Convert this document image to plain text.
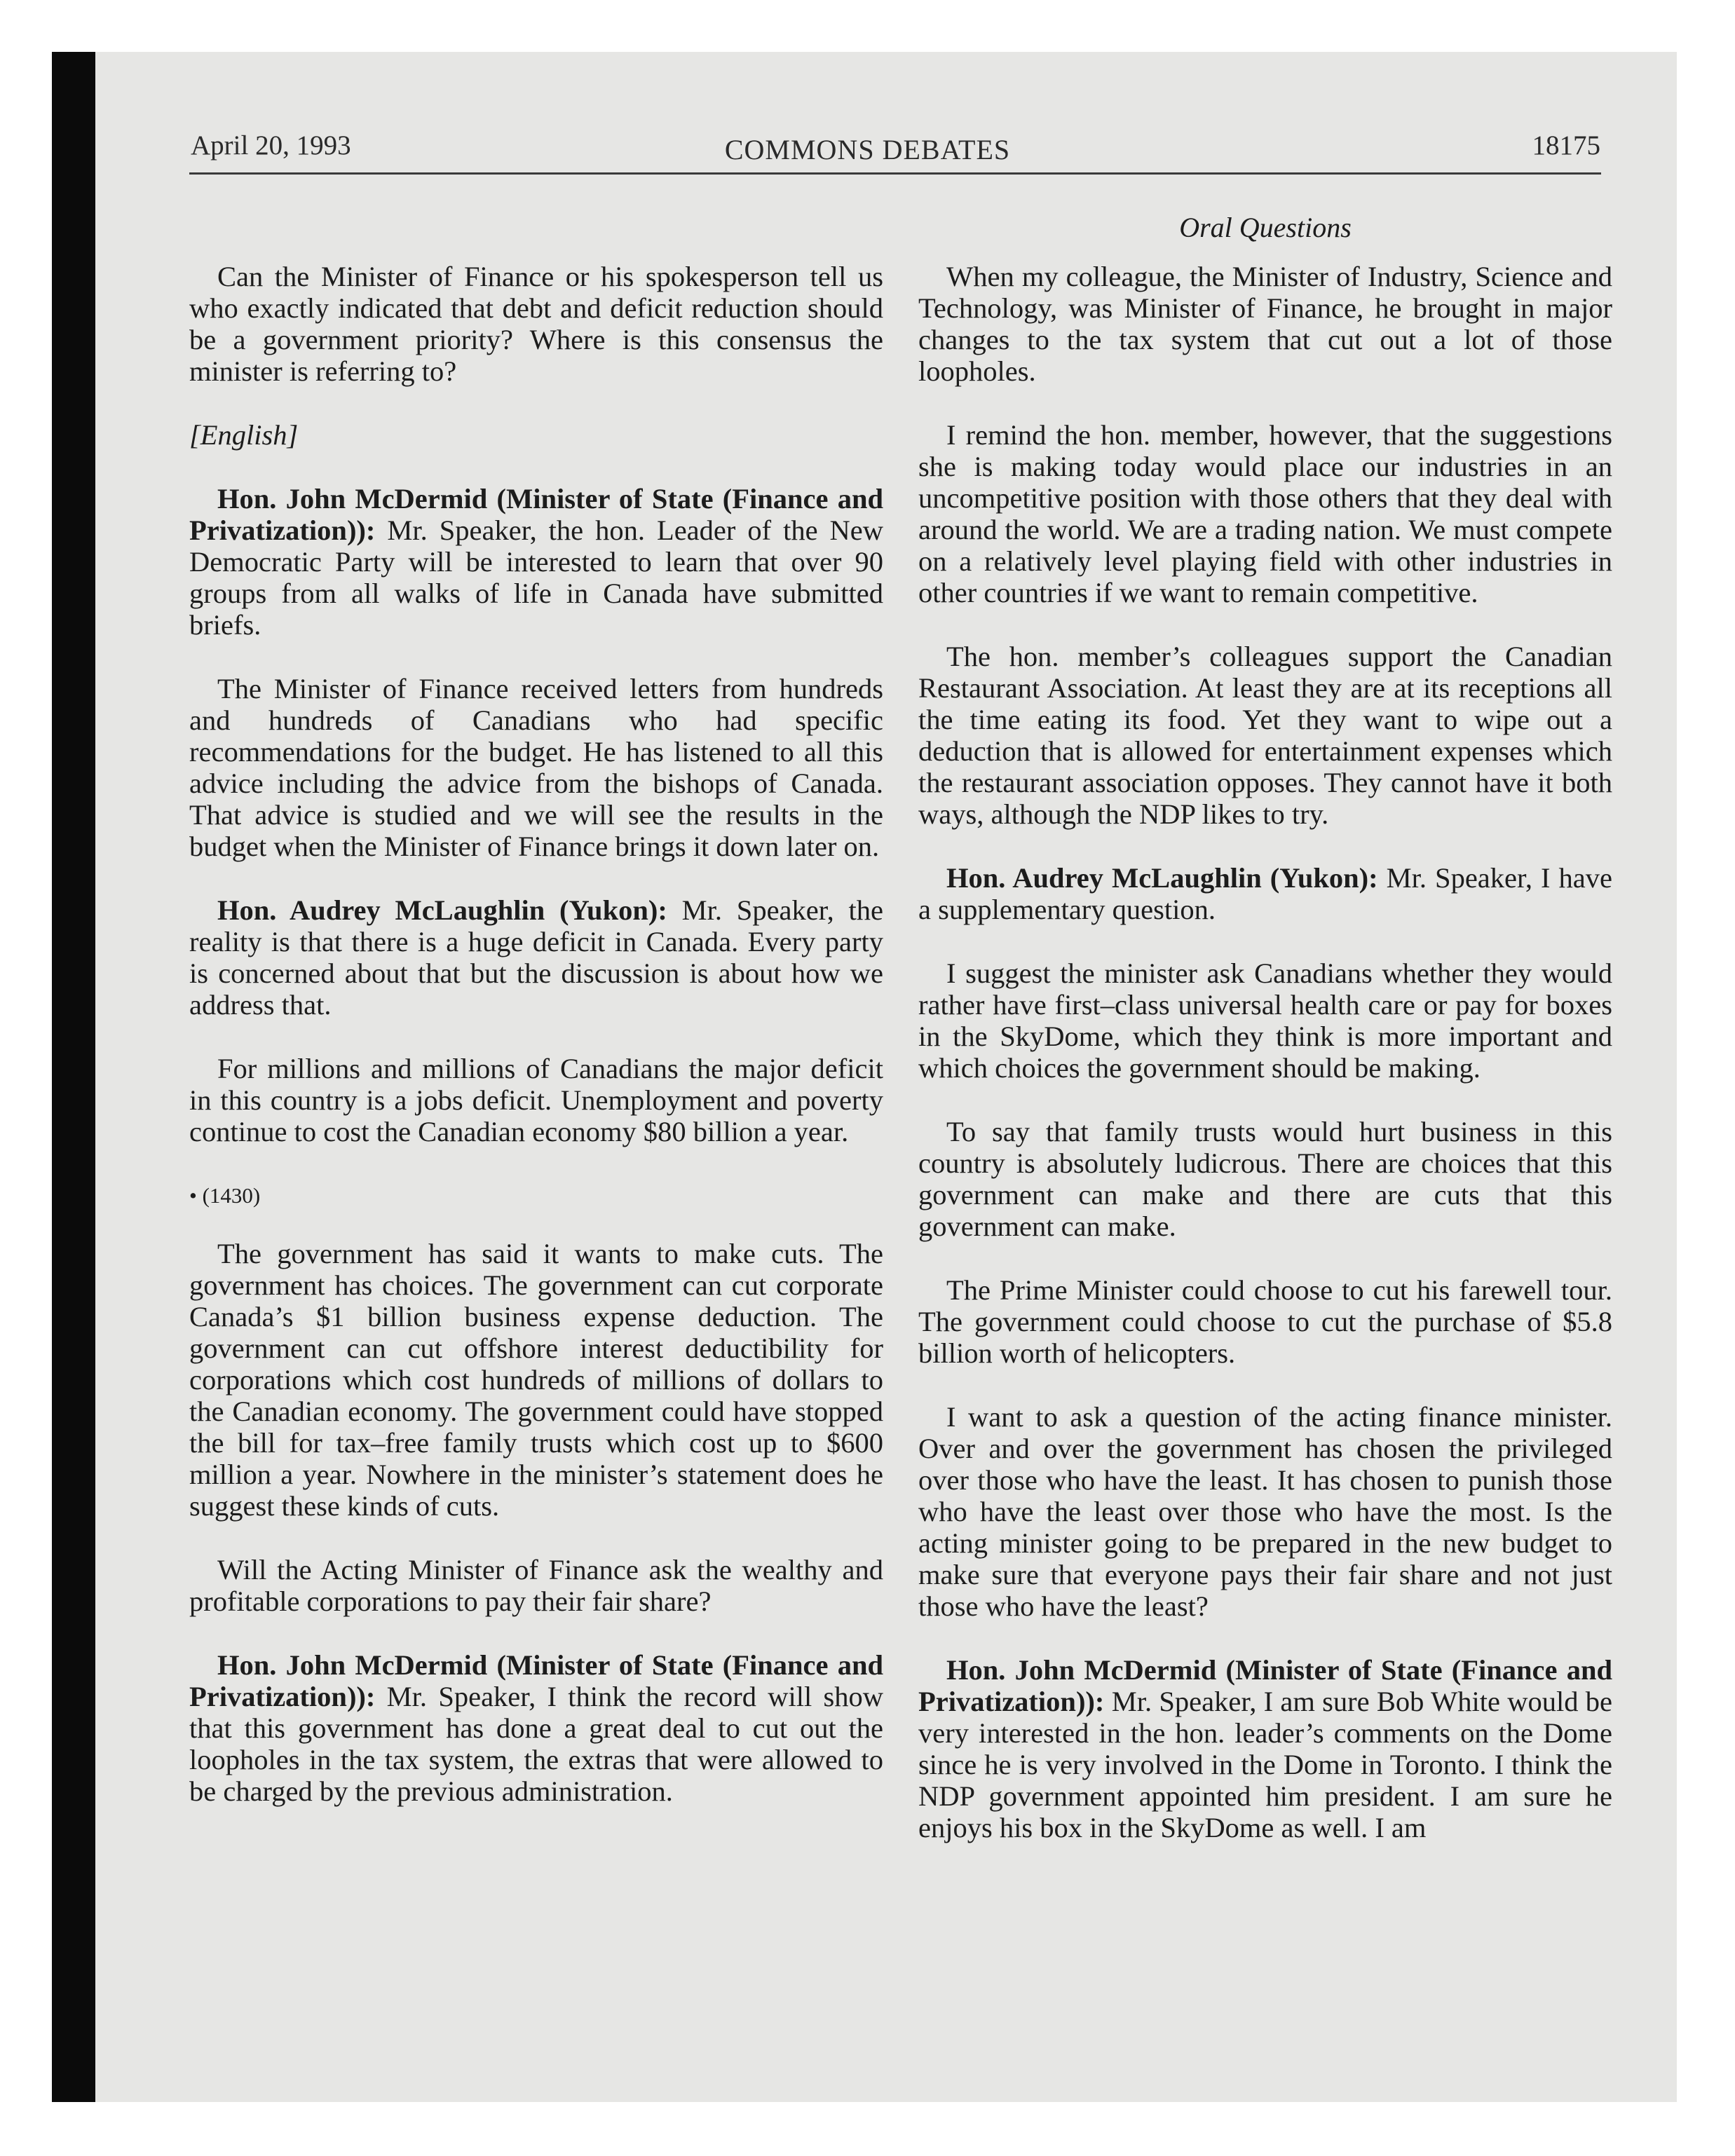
April 20, 1993	COMMONS DEBATES	18175
Oral Questions

Can the Minister of Finance or his spokesperson tell us who exactly indicated that debt and deficit reduction should be a government priority? Where is this consensus the minister is referring to?

[English]

Hon. John McDermid (Minister of State (Finance and Privatization)): Mr. Speaker, the hon. Leader of the New Democratic Party will be interested to learn that over 90 groups from all walks of life in Canada have submitted briefs.

The Minister of Finance received letters from hundreds and hundreds of Canadians who had specific recommendations for the budget. He has listened to all this advice including the advice from the bishops of Canada. That advice is studied and we will see the results in the budget when the Minister of Finance brings it down later on.

Hon. Audrey McLaughlin (Yukon): Mr. Speaker, the reality is that there is a huge deficit in Canada. Every party is concerned about that but the discussion is about how we address that.

For millions and millions of Canadians the major deficit in this country is a jobs deficit. Unemployment and poverty continue to cost the Canadian economy $80 billion a year.

• (1430)

The government has said it wants to make cuts. The government has choices. The government can cut corporate Canada’s $1 billion business expense deduction. The government can cut offshore interest deductibility for corporations which cost hundreds of millions of dollars to the Canadian economy. The government could have stopped the bill for tax–free family trusts which cost up to $600 million a year. Nowhere in the minister’s statement does he suggest these kinds of cuts.

Will the Acting Minister of Finance ask the wealthy and profitable corporations to pay their fair share?

Hon. John McDermid (Minister of State (Finance and Privatization)): Mr. Speaker, I think the record will show that this government has done a great deal to cut out the loopholes in the tax system, the extras that were allowed to be charged by the previous administration.

When my colleague, the Minister of Industry, Science and Technology, was Minister of Finance, he brought in major changes to the tax system that cut out a lot of those loopholes.

I remind the hon. member, however, that the suggestions she is making today would place our industries in an uncompetitive position with those others that they deal with around the world. We are a trading nation. We must compete on a relatively level playing field with other industries in other countries if we want to remain competitive.

The hon. member’s colleagues support the Canadian Restaurant Association. At least they are at its receptions all the time eating its food. Yet they want to wipe out a deduction that is allowed for entertainment expenses which the restaurant association opposes. They cannot have it both ways, although the NDP likes to try.

Hon. Audrey McLaughlin (Yukon): Mr. Speaker, I have a supplementary question.

I suggest the minister ask Canadians whether they would rather have first–class universal health care or pay for boxes in the SkyDome, which they think is more important and which choices the government should be making.

To say that family trusts would hurt business in this country is absolutely ludicrous. There are choices that this government can make and there are cuts that this government can make.

The Prime Minister could choose to cut his farewell tour. The government could choose to cut the purchase of $5.8 billion worth of helicopters.

I want to ask a question of the acting finance minister. Over and over the government has chosen the privileged over those who have the least. It has chosen to punish those who have the least over those who have the most. Is the acting minister going to be prepared in the new budget to make sure that everyone pays their fair share and not just those who have the least?

Hon. John McDermid (Minister of State (Finance and Privatization)): Mr. Speaker, I am sure Bob White would be very interested in the hon. leader’s comments on the Dome since he is very involved in the Dome in Toronto. I think the NDP government appointed him president. I am sure he enjoys his box in the SkyDome as well. I am
